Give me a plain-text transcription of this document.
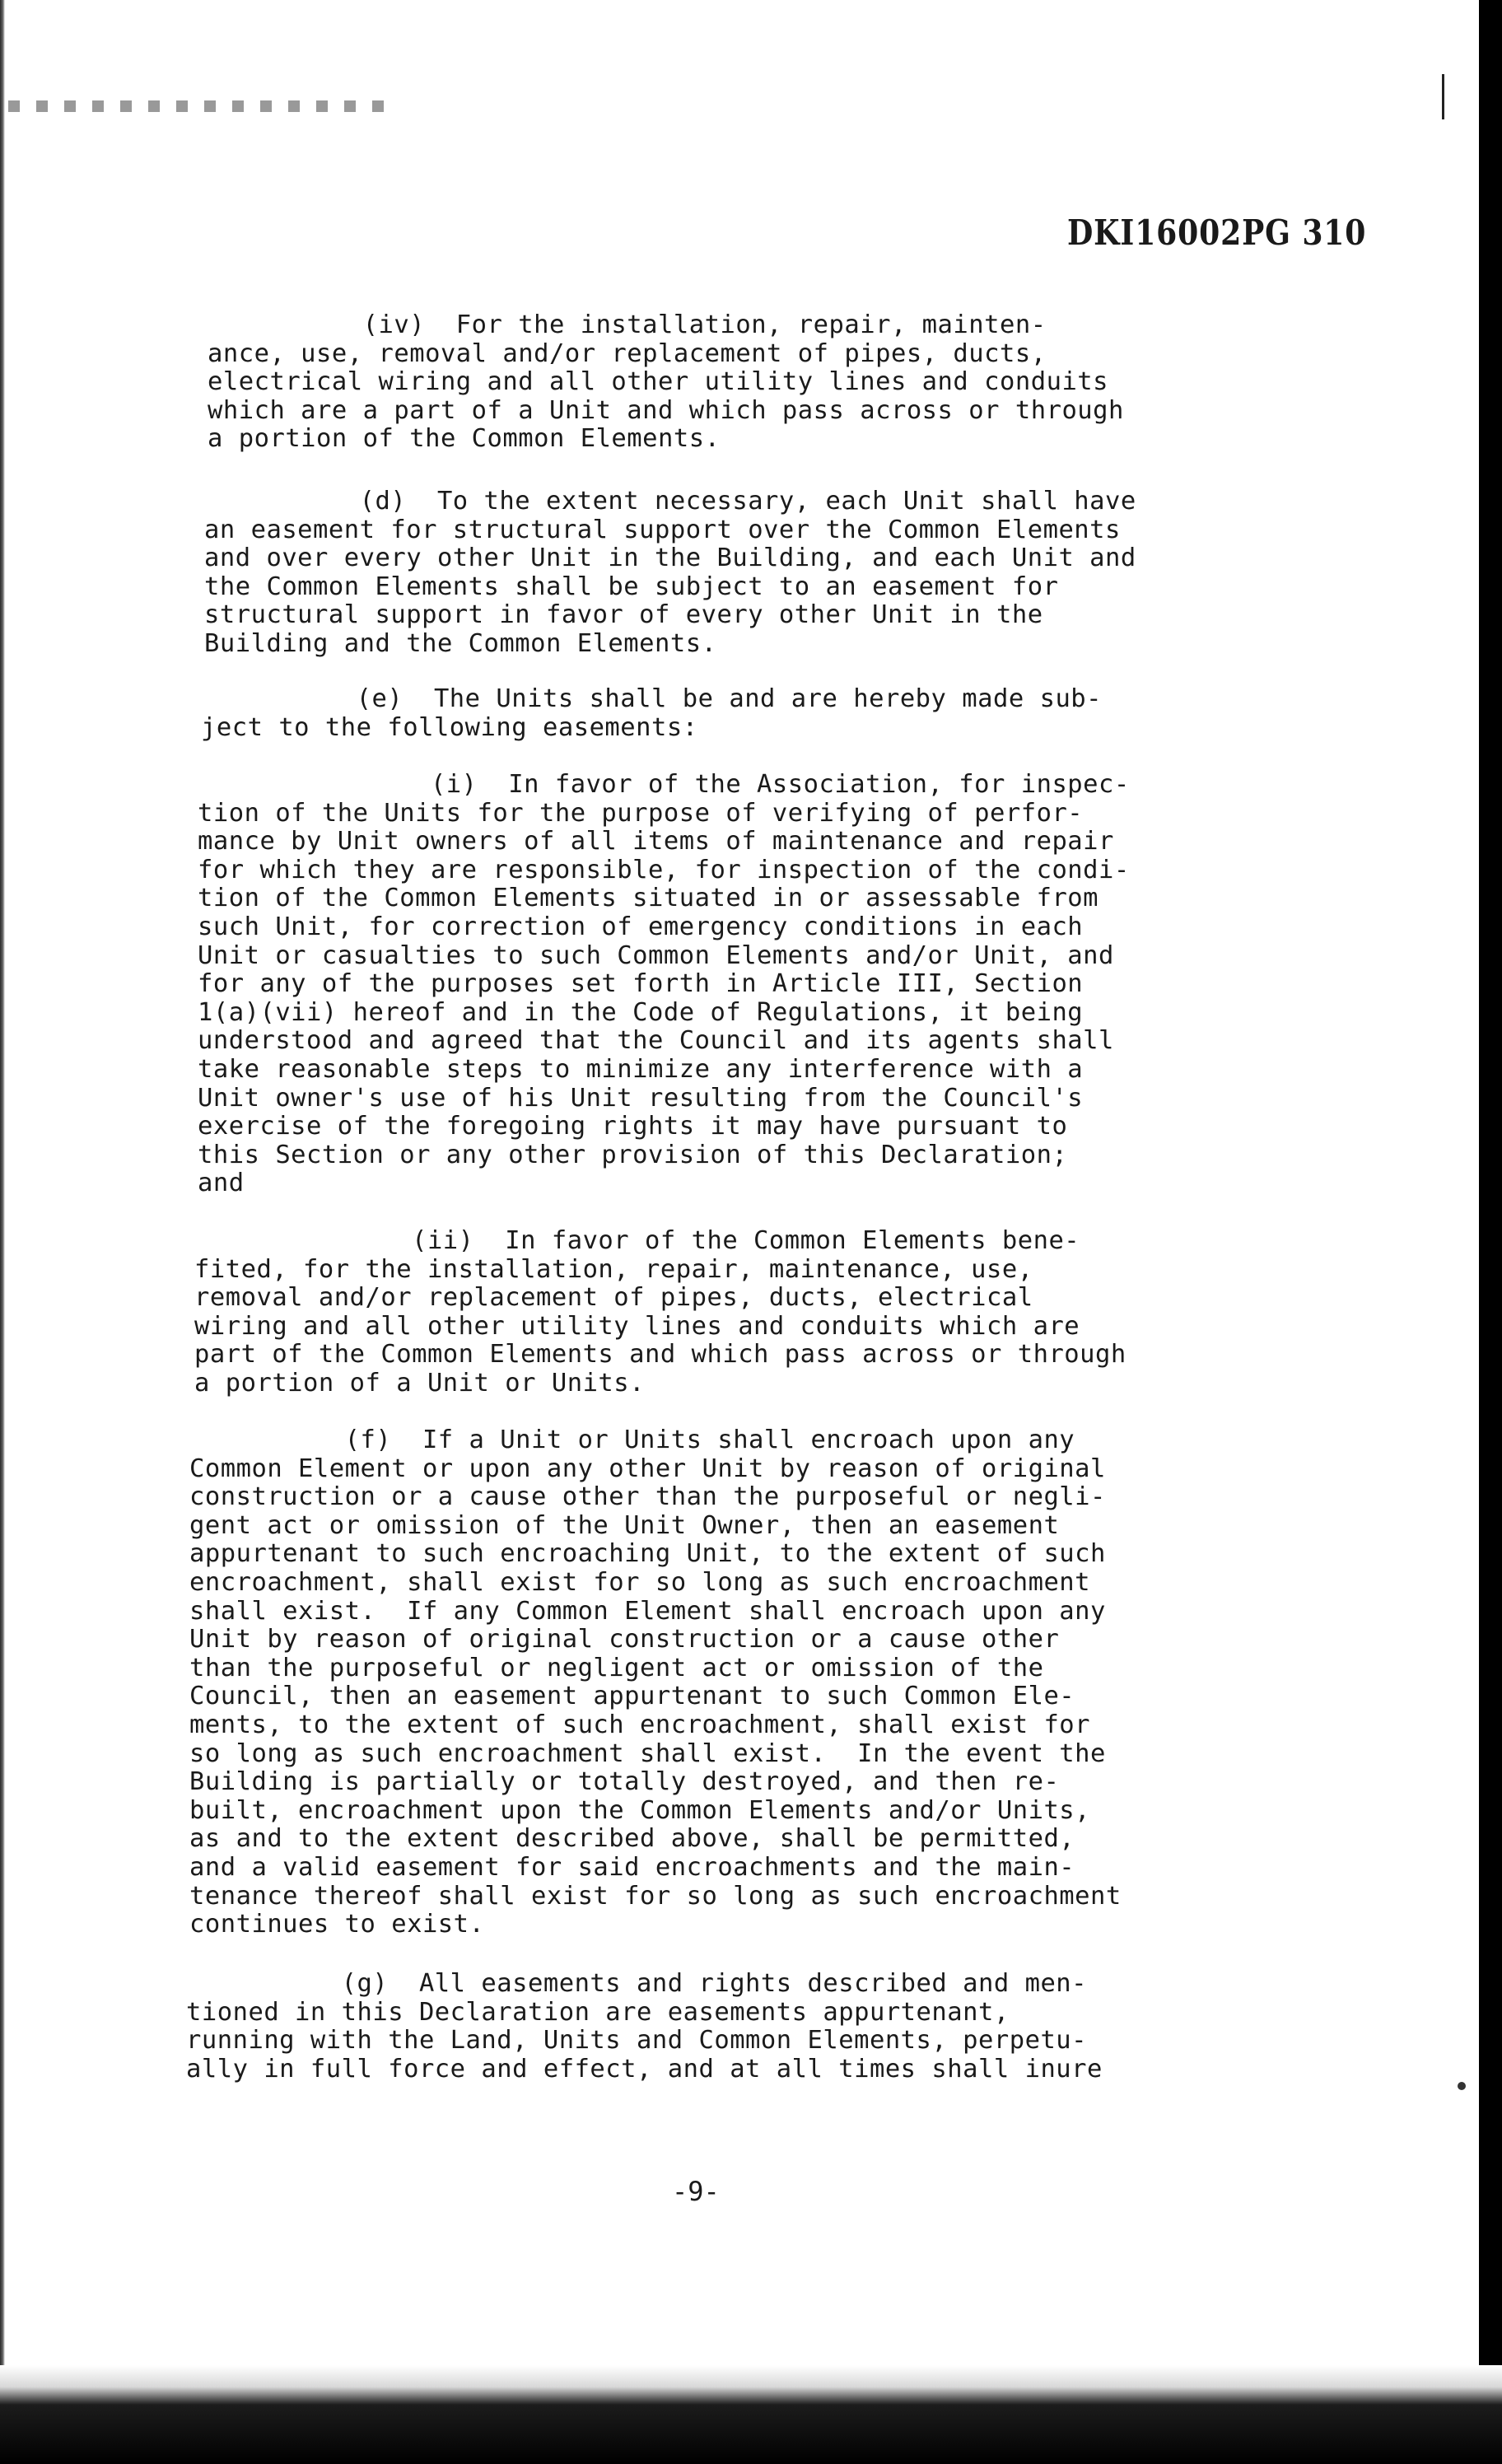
DKI16002PG 310
(iv)  For the installation, repair, mainten-
ance, use, removal and/or replacement of pipes, ducts,
electrical wiring and all other utility lines and conduits
which are a part of a Unit and which pass across or through
a portion of the Common Elements.
(d)  To the extent necessary, each Unit shall have
an easement for structural support over the Common Elements
and over every other Unit in the Building, and each Unit and
the Common Elements shall be subject to an easement for
structural support in favor of every other Unit in the
Building and the Common Elements.
(e)  The Units shall be and are hereby made sub-
ject to the following easements:
(i)  In favor of the Association, for inspec-
tion of the Units for the purpose of verifying of perfor-
mance by Unit owners of all items of maintenance and repair
for which they are responsible, for inspection of the condi-
tion of the Common Elements situated in or assessable from
such Unit, for correction of emergency conditions in each
Unit or casualties to such Common Elements and/or Unit, and
for any of the purposes set forth in Article III, Section
1(a)(vii) hereof and in the Code of Regulations, it being
understood and agreed that the Council and its agents shall
take reasonable steps to minimize any interference with a
Unit owner's use of his Unit resulting from the Council's
exercise of the foregoing rights it may have pursuant to
this Section or any other provision of this Declaration;
and
(ii)  In favor of the Common Elements bene-
fited, for the installation, repair, maintenance, use,
removal and/or replacement of pipes, ducts, electrical
wiring and all other utility lines and conduits which are
part of the Common Elements and which pass across or through
a portion of a Unit or Units.
(f)  If a Unit or Units shall encroach upon any
Common Element or upon any other Unit by reason of original
construction or a cause other than the purposeful or negli-
gent act or omission of the Unit Owner, then an easement
appurtenant to such encroaching Unit, to the extent of such
encroachment, shall exist for so long as such encroachment
shall exist.  If any Common Element shall encroach upon any
Unit by reason of original construction or a cause other
than the purposeful or negligent act or omission of the
Council, then an easement appurtenant to such Common Ele-
ments, to the extent of such encroachment, shall exist for
so long as such encroachment shall exist.  In the event the
Building is partially or totally destroyed, and then re-
built, encroachment upon the Common Elements and/or Units,
as and to the extent described above, shall be permitted,
and a valid easement for said encroachments and the main-
tenance thereof shall exist for so long as such encroachment
continues to exist.
(g)  All easements and rights described and men-
tioned in this Declaration are easements appurtenant,
running with the Land, Units and Common Elements, perpetu-
ally in full force and effect, and at all times shall inure
-9-
